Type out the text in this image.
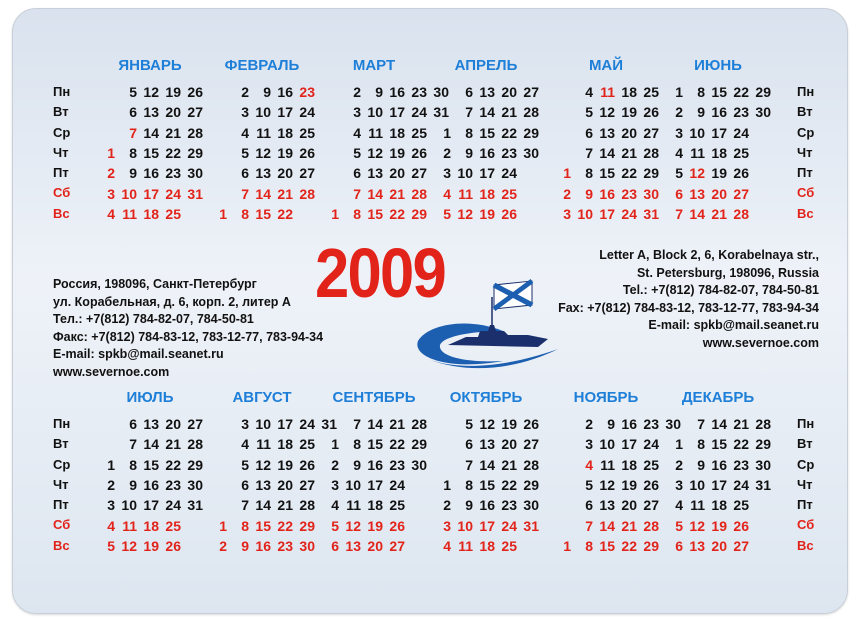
Пн
Вт
Ср
Чт
Пт
Сб
Вс
Пн
Вт
Ср
Чт
Пт
Сб
Вс
Пн
Вт
Ср
Чт
Пт
Сб
Вс
Пн
Вт
Ср
Чт
Пт
Сб
Вс
ЯНВАРЬ
1
2
3
4
5
6
7
8
9
10
11
12
13
14
15
16
17
18
19
20
21
22
23
24
25
26
27
28
29
30
31
ФЕВРАЛЬ
1
2
3
4
5
6
7
8
9
10
11
12
13
14
15
16
17
18
19
20
21
22
23
24
25
26
27
28
МАРТ
1
2
3
4
5
6
7
8
9
10
11
12
13
14
15
16
17
18
19
20
21
22
23
24
25
26
27
28
29
30
31
АПРЕЛЬ
1
2
3
4
5
6
7
8
9
10
11
12
13
14
15
16
17
18
19
20
21
22
23
24
25
26
27
28
29
30
МАЙ
1
2
3
4
5
6
7
8
9
10
11
12
13
14
15
16
17
18
19
20
21
22
23
24
25
26
27
28
29
30
31
ИЮНЬ
1
2
3
4
5
6
7
8
9
10
11
12
13
14
15
16
17
18
19
20
21
22
23
24
25
26
27
28
29
30
ИЮЛЬ
1
2
3
4
5
6
7
8
9
10
11
12
13
14
15
16
17
18
19
20
21
22
23
24
25
26
27
28
29
30
31
АВГУСТ
1
2
3
4
5
6
7
8
9
10
11
12
13
14
15
16
17
18
19
20
21
22
23
24
25
26
27
28
29
30
31
СЕНТЯБРЬ
1
2
3
4
5
6
7
8
9
10
11
12
13
14
15
16
17
18
19
20
21
22
23
24
25
26
27
28
29
30
ОКТЯБРЬ
1
2
3
4
5
6
7
8
9
10
11
12
13
14
15
16
17
18
19
20
21
22
23
24
25
26
27
28
29
30
31
НОЯБРЬ
1
2
3
4
5
6
7
8
9
10
11
12
13
14
15
16
17
18
19
20
21
22
23
24
25
26
27
28
29
30
ДЕКАБРЬ
1
2
3
4
5
6
7
8
9
10
11
12
13
14
15
16
17
18
19
20
21
22
23
24
25
26
27
28
29
30
31
2009
Россия, 198096, Санкт-Петербург
ул. Корабельная, д. 6, корп. 2, литер А
Тел.: +7(812) 784-82-07, 784-50-81
Факс: +7(812) 784-83-12, 783-12-77, 783-94-34
E-mail: spkb@mail.seanet.ru
www.severnoe.com
Letter A, Block 2, 6, Korabelnaya str.,
St. Petersburg, 198096, Russia
Tel.: +7(812) 784-82-07, 784-50-81
Fax: +7(812) 784-83-12, 783-12-77, 783-94-34
E-mail: spkb@mail.seanet.ru
www.severnoe.com
